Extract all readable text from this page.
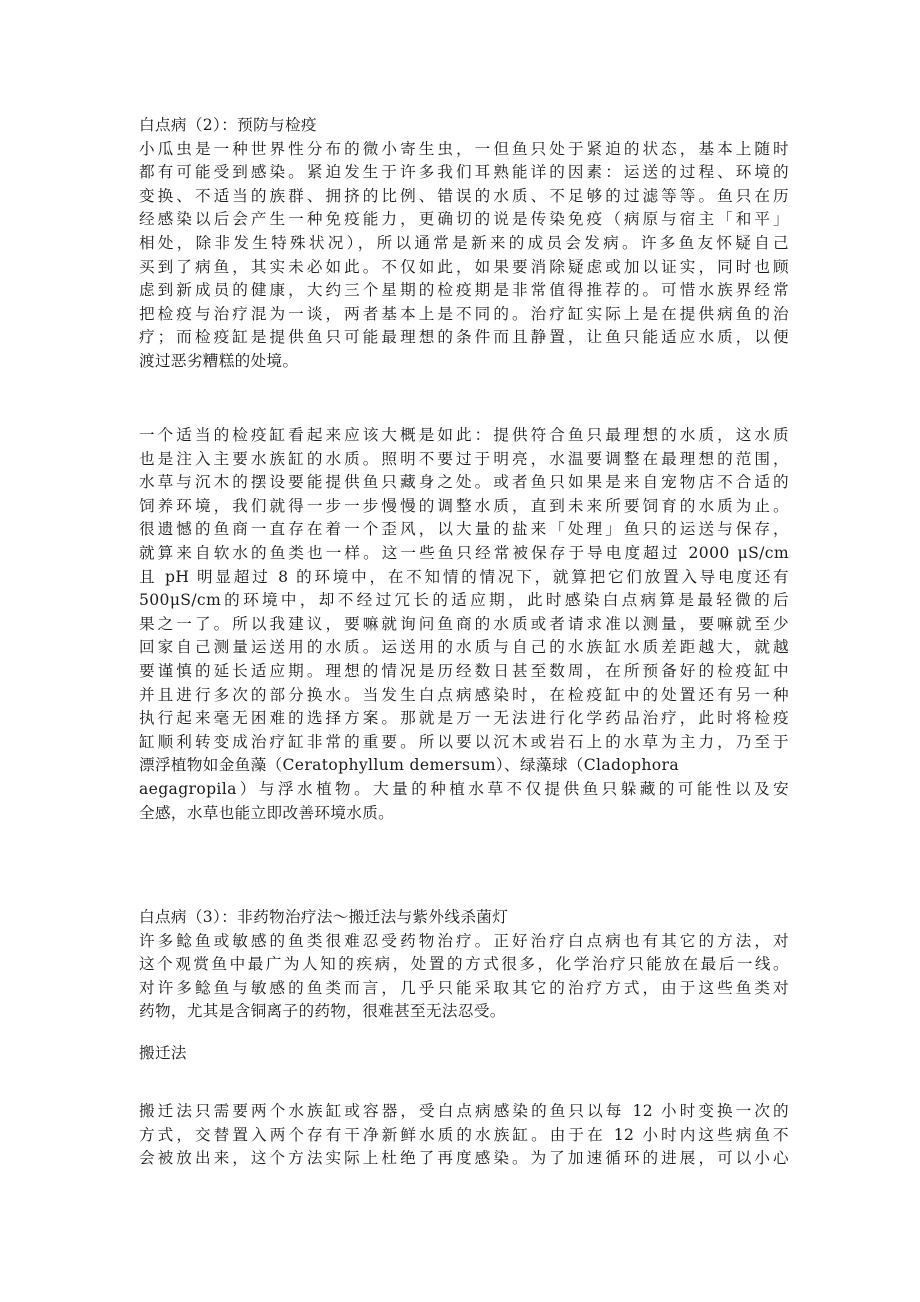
白点病（2）：预防与检疫
小瓜虫是一种世界性分布的微小寄生虫，一但鱼只处于紧迫的状态，基本上随时
都有可能受到感染。紧迫发生于许多我们耳熟能详的因素：运送的过程、环境的
变换、不适当的族群、拥挤的比例、错误的水质、不足够的过滤等等。鱼只在历
经感染以后会产生一种免疫能力，更确切的说是传染免疫（病原与宿主「和平」
相处，除非发生特殊状况），所以通常是新来的成员会发病。许多鱼友怀疑自己
买到了病鱼，其实未必如此。不仅如此，如果要消除疑虑或加以证实，同时也顾
虑到新成员的健康，大约三个星期的检疫期是非常值得推荐的。可惜水族界经常
把检疫与治疗混为一谈，两者基本上是不同的。治疗缸实际上是在提供病鱼的治
疗；而检疫缸是提供鱼只可能最理想的条件而且静置，让鱼只能适应水质，以便
渡过恶劣糟糕的处境。
一个适当的检疫缸看起来应该大概是如此：提供符合鱼只最理想的水质，这水质
也是注入主要水族缸的水质。照明不要过于明亮，水温要调整在最理想的范围，
水草与沉木的摆设要能提供鱼只藏身之处。或者鱼只如果是来自宠物店不合适的
饲养环境，我们就得一步一步慢慢的调整水质，直到未来所要饲育的水质为止。
很遗憾的鱼商一直存在着一个歪风，以大量的盐来「处理」鱼只的运送与保存，
就算来自软水的鱼类也一样。这一些鱼只经常被保存于导电度超过 2000 μS/cm
且 pH 明显超过 8 的环境中，在不知情的情况下，就算把它们放置入导电度还有
500μS/cm的环境中，却不经过冗长的适应期，此时感染白点病算是最轻微的后
果之一了。所以我建议，要嘛就询问鱼商的水质或者请求准以测量，要嘛就至少
回家自己测量运送用的水质。运送用的水质与自己的水族缸水质差距越大，就越
要谨慎的延长适应期。理想的情况是历经数日甚至数周，在所预备好的检疫缸中
并且进行多次的部分换水。当发生白点病感染时，在检疫缸中的处置还有另一种
执行起来毫无困难的选择方案。那就是万一无法进行化学药品治疗，此时将检疫
缸顺利转变成治疗缸非常的重要。所以要以沉木或岩石上的水草为主力，乃至于
漂浮植物如金鱼藻（Ceratophyllum demersum）、绿藻球（Cladophora
aegagropila）与浮水植物。大量的种植水草不仅提供鱼只躲藏的可能性以及安
全感，水草也能立即改善环境水质。
白点病（3）：非药物治疗法～搬迁法与紫外线杀菌灯
许多鲶鱼或敏感的鱼类很难忍受药物治疗。正好治疗白点病也有其它的方法，对
这个观赏鱼中最广为人知的疾病，处置的方式很多，化学治疗只能放在最后一线。
对许多鲶鱼与敏感的鱼类而言，几乎只能采取其它的治疗方式，由于这些鱼类对
药物，尤其是含铜离子的药物，很难甚至无法忍受。
搬迁法
搬迁法只需要两个水族缸或容器，受白点病感染的鱼只以每 12 小时变换一次的
方式，交替置入两个存有干净新鲜水质的水族缸。由于在 12 小时内这些病鱼不
会被放出来，这个方法实际上杜绝了再度感染。为了加速循环的进展，可以小心
